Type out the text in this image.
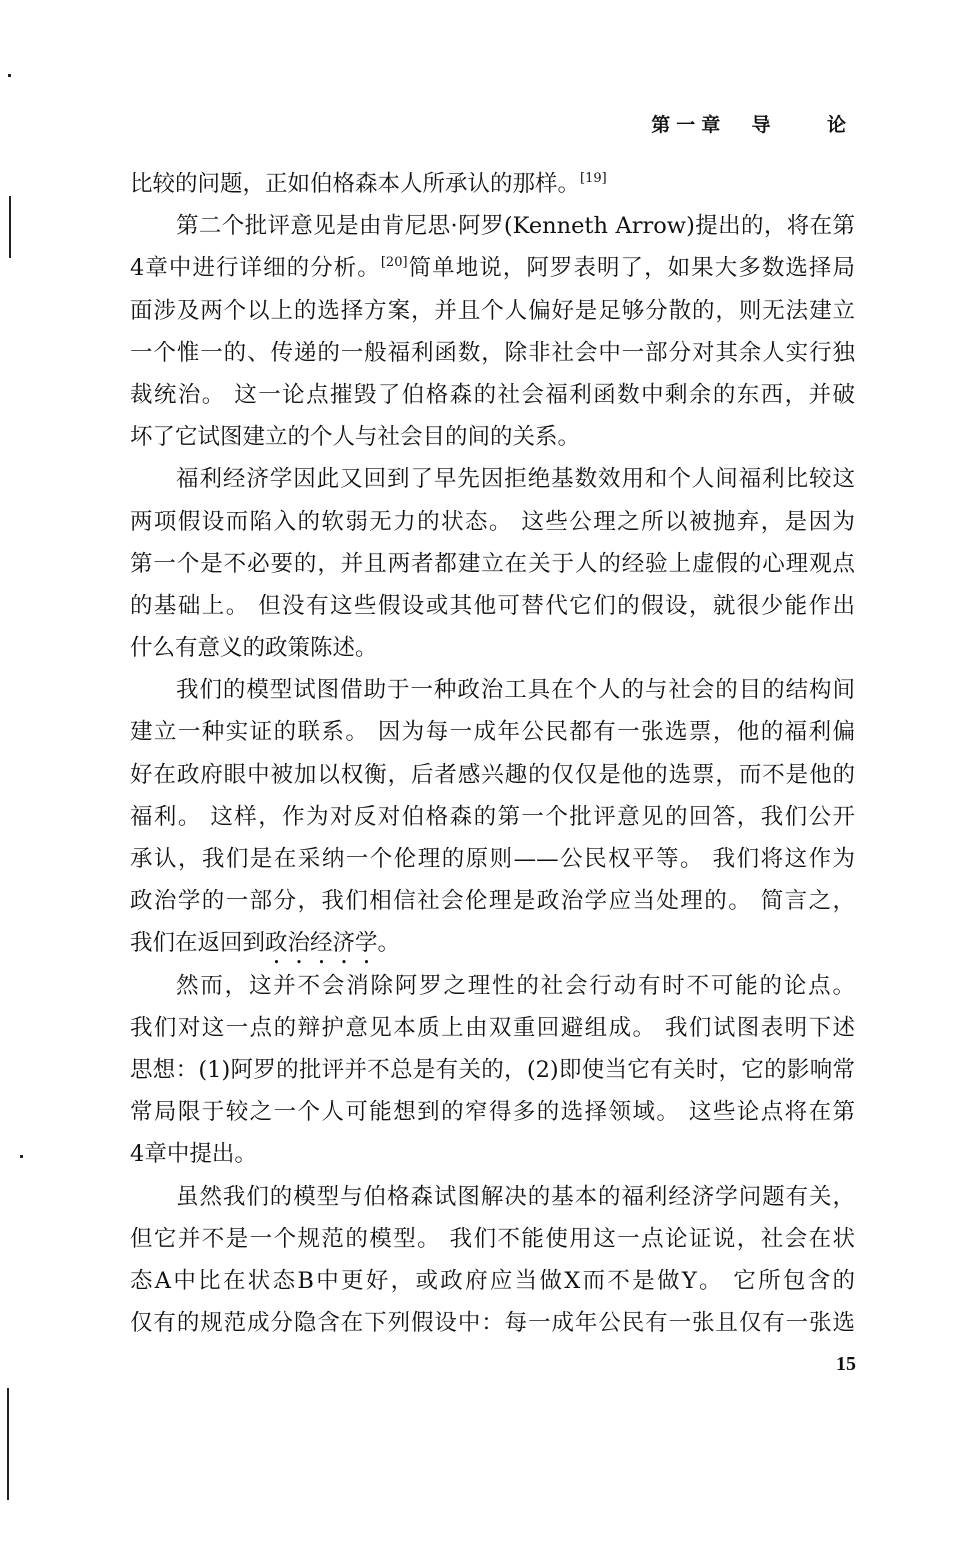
第一章  导    论
比较的问题，正如伯格森本人所承认的那样。[19]
第二个批评意见是由肯尼思·阿罗(Kenneth Arrow)提出的，将在第
4章中进行详细的分析。[20]简单地说，阿罗表明了，如果大多数选择局
面涉及两个以上的选择方案，并且个人偏好是足够分散的，则无法建立
一个惟一的、传递的一般福利函数，除非社会中一部分对其余人实行独
裁统治。 这一论点摧毁了伯格森的社会福利函数中剩余的东西，并破
坏了它试图建立的个人与社会目的间的关系。
福利经济学因此又回到了早先因拒绝基数效用和个人间福利比较这
两项假设而陷入的软弱无力的状态。 这些公理之所以被抛弃，是因为
第一个是不必要的，并且两者都建立在关于人的经验上虚假的心理观点
的基础上。 但没有这些假设或其他可替代它们的假设，就很少能作出
什么有意义的政策陈述。
我们的模型试图借助于一种政治工具在个人的与社会的目的结构间
建立一种实证的联系。 因为每一成年公民都有一张选票，他的福利偏
好在政府眼中被加以权衡，后者感兴趣的仅仅是他的选票，而不是他的
福利。 这样，作为对反对伯格森的第一个批评意见的回答，我们公开
承认，我们是在采纳一个伦理的原则——公民权平等。 我们将这作为
政治学的一部分，我们相信社会伦理是政治学应当处理的。 简言之，
我们在返回到政治经济学。
然而，这并不会消除阿罗之理性的社会行动有时不可能的论点。
我们对这一点的辩护意见本质上由双重回避组成。 我们试图表明下述
思想：(1)阿罗的批评并不总是有关的，(2)即使当它有关时，它的影响常
常局限于较之一个人可能想到的窄得多的选择领域。 这些论点将在第
4章中提出。
虽然我们的模型与伯格森试图解决的基本的福利经济学问题有关，
但它并不是一个规范的模型。 我们不能使用这一点论证说，社会在状
态A中比在状态B中更好，或政府应当做X而不是做Y。 它所包含的
仅有的规范成分隐含在下列假设中：每一成年公民有一张且仅有一张选
15
